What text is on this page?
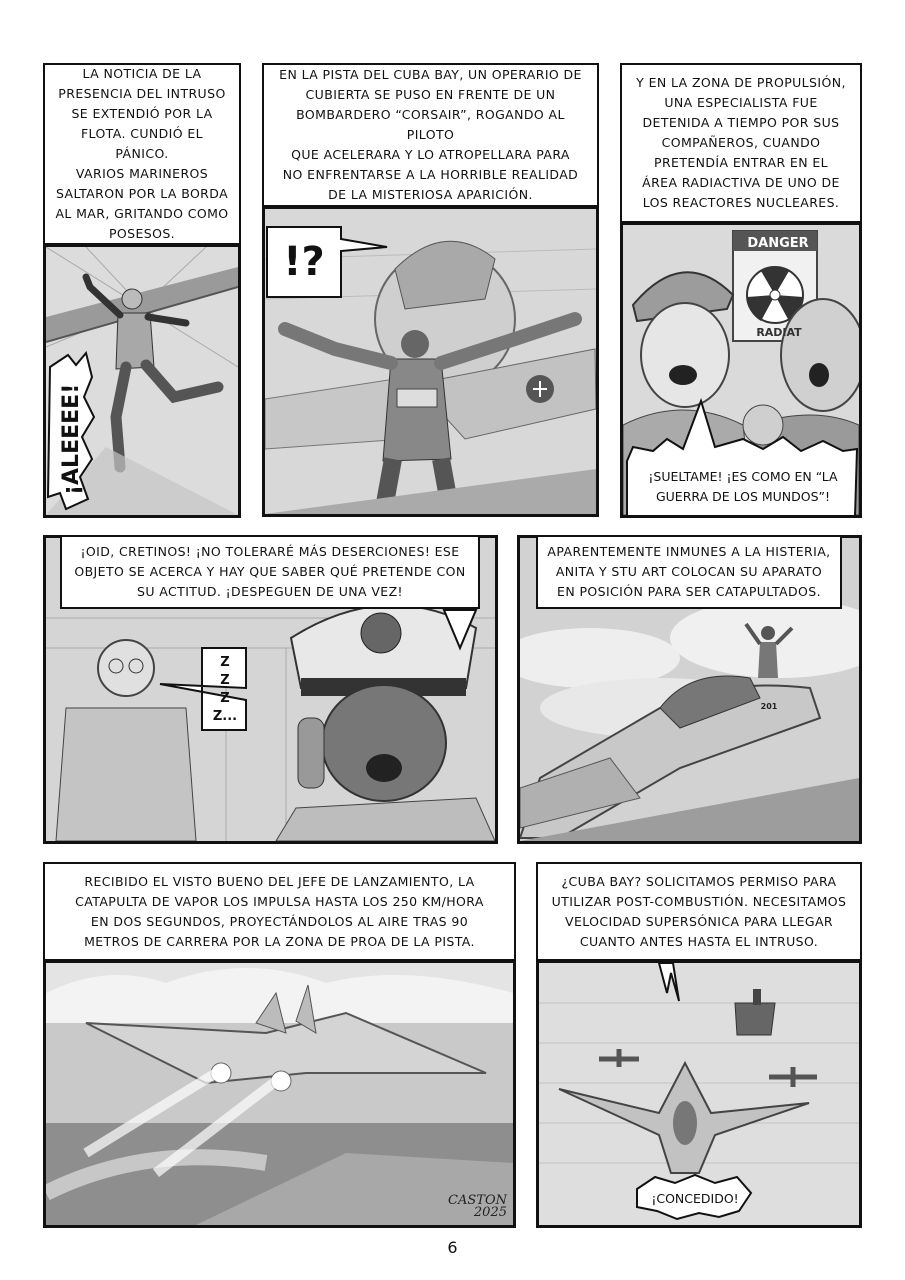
¡ALEEEE!
LA NOTICIA DE LA
PRESENCIA DEL INTRUSO
SE EXTENDIÓ POR LA
FLOTA. CUNDIÓ EL PÁNICO.
VARIOS MARINEROS
SALTARON POR LA BORDA
AL MAR, GRITANDO COMO
POSESOS.
!?
EN LA PISTA DEL CUBA BAY, UN OPERARIO DE
CUBIERTA SE PUSO EN FRENTE DE UN
BOMBARDERO “CORSAIR”, ROGANDO AL PILOTO
QUE ACELERARA Y LO ATROPELLARA PARA
NO ENFRENTARSE A LA HORRIBLE REALIDAD
DE LA MISTERIOSA APARICIÓN.
DANGER
RADIAT
¡SUELTAME! ¡ES COMO EN “LA
GUERRA DE LOS MUNDOS”!
Y EN LA ZONA DE PROPULSIÓN,
UNA ESPECIALISTA FUE
DETENIDA A TIEMPO POR SUS
COMPAÑEROS, CUANDO
PRETENDÍA ENTRAR EN EL
ÁREA RADIACTIVA DE UNO DE
LOS REACTORES NUCLEARES.
Z
Z
Z
Z...
¡OID, CRETINOS! ¡NO TOLERARÉ MÁS DESERCIONES! ESE
OBJETO SE ACERCA Y HAY QUE SABER QUÉ PRETENDE CON
SU ACTITUD. ¡DESPEGUEN DE UNA VEZ!
201
APARENTEMENTE INMUNES A LA HISTERIA,
ANITA Y STU ART COLOCAN SU APARATO
EN POSICIÓN PARA SER CATAPULTADOS.
CASTON
2025
RECIBIDO EL VISTO BUENO DEL JEFE DE LANZAMIENTO, LA
CATAPULTA DE VAPOR LOS IMPULSA HASTA LOS 250 KM/HORA
EN DOS SEGUNDOS, PROYECTÁNDOLOS AL AIRE TRAS 90
METROS DE CARRERA POR LA ZONA DE PROA DE LA PISTA.
¡CONCEDIDO!
¿CUBA BAY? SOLICITAMOS PERMISO PARA
UTILIZAR POST-COMBUSTIÓN. NECESITAMOS
VELOCIDAD SUPERSÓNICA PARA LLEGAR
CUANTO ANTES HASTA EL INTRUSO.
6
